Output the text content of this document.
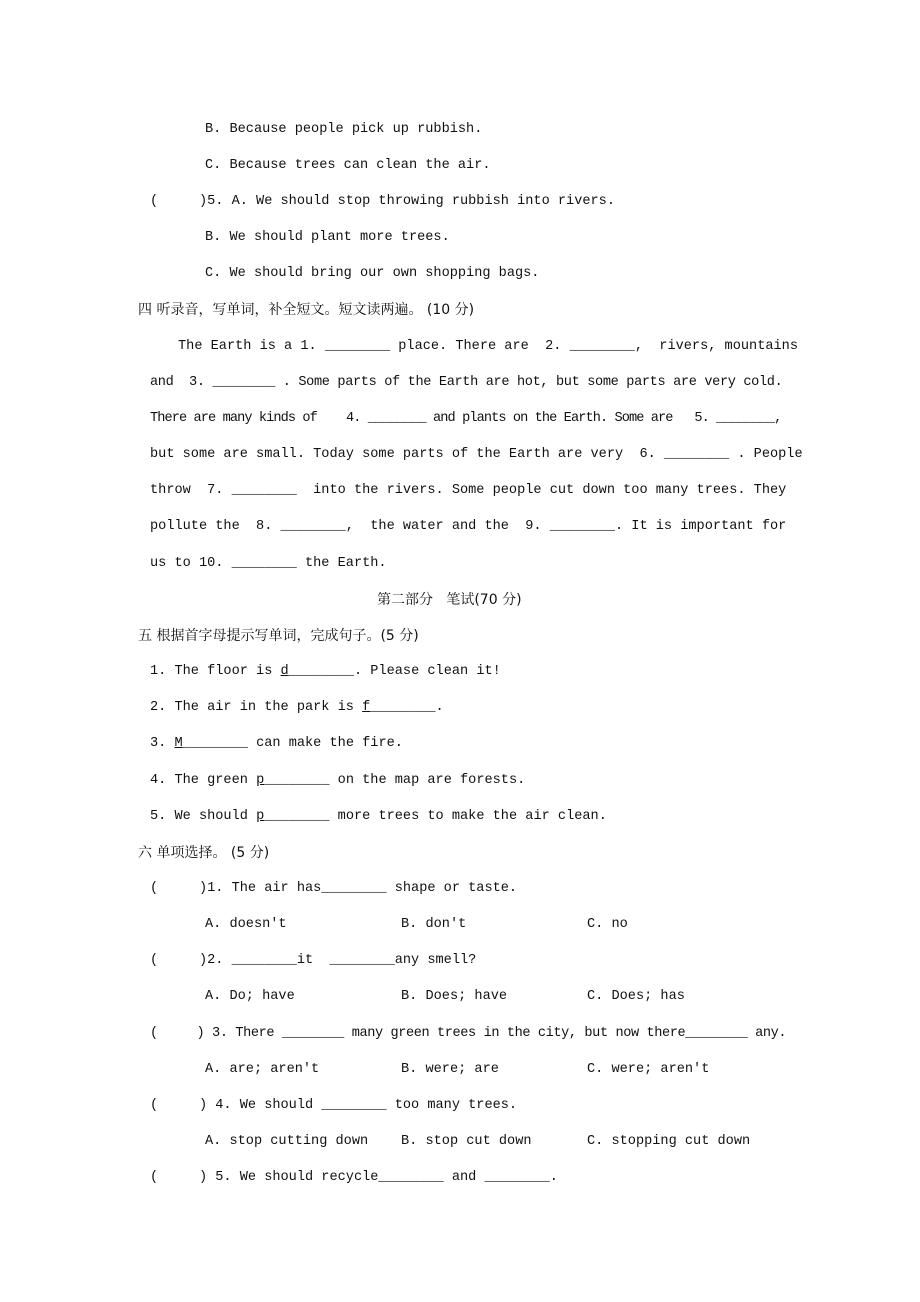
B. Because people pick up rubbish.
C. Because trees can clean the air.
(     )5. A. We should stop throwing rubbish into rivers.
B. We should plant more trees.
C. We should bring our own shopping bags.
四 听录音，写单词，补全短文。短文读两遍。 (10 分)
The Earth is a 1. ________ place. There are  2. ________,  rivers, mountains
and  3. ________ . Some parts of the Earth are hot, but some parts are very cold.
There are many kinds of    4. ________ and plants on the Earth. Some are   5. ________,
but some are small. Today some parts of the Earth are very  6. ________ . People
throw  7. ________  into the rivers. Some people cut down too many trees. They
pollute the  8. ________,  the water and the  9. ________. It is important for
us to 10. ________ the Earth.
第二部分   笔试(70 分)
五 根据首字母提示写单词，完成句子。(5 分)
1. The floor is d________. Please clean it!
2. The air in the park is f________.
3. M________ can make the fire.
4. The green p________ on the map are forests.
5. We should p________ more trees to make the air clean.
六 单项选择。 (5 分)
(     )1. The air has________ shape or taste.
A. doesn't	B. don't	C. no
(     )2. ________it  ________any smell?
A. Do; have	B. Does; have	C. Does; has
(     ) 3. There ________ many green trees in the city, but now there________ any.
A. are; aren't	B. were; are	C. were; aren't
(     ) 4. We should ________ too many trees.
A. stop cutting down B. stop cut down	C. stopping cut down
(     ) 5. We should recycle________ and ________.
